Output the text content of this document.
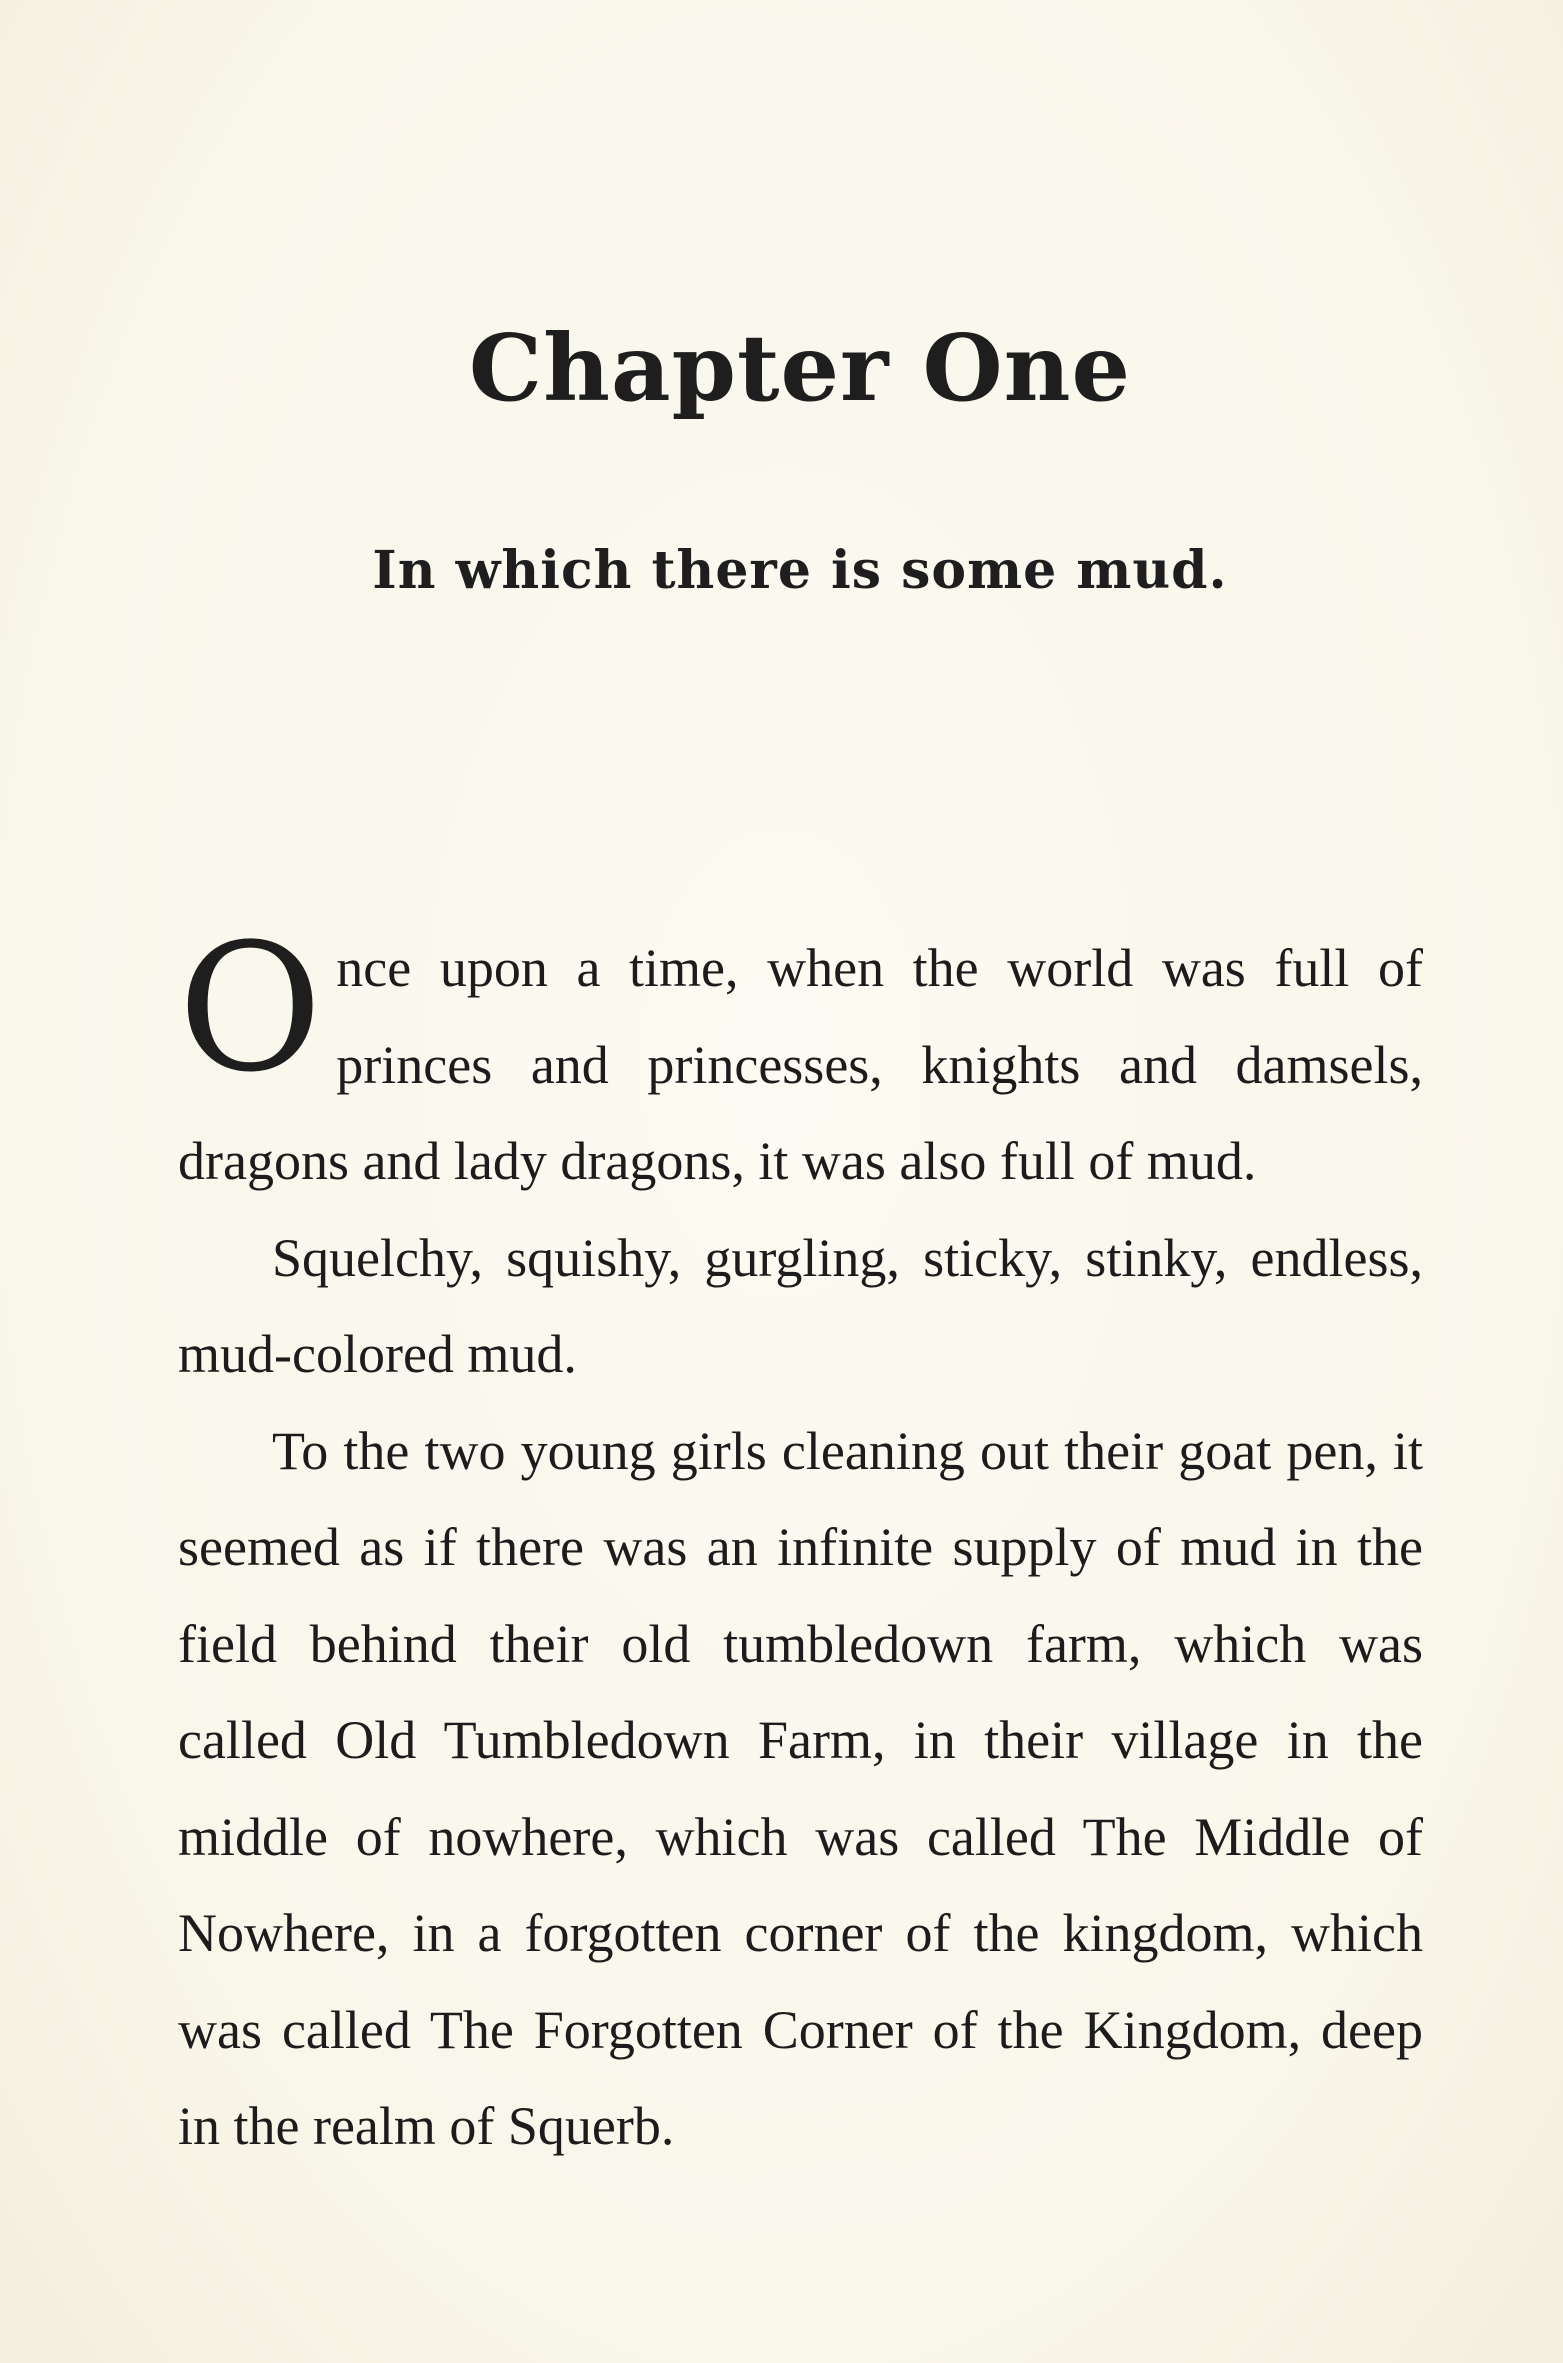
Chapter One
In which there is some mud.

Once upon a time, when the world was full of princes and princesses, knights and damsels, dragons and lady dragons, it was also full of mud.

Squelchy, squishy, gurgling, sticky, stinky, endless, mud-colored mud.

To the two young girls cleaning out their goat pen, it seemed as if there was an infinite supply of mud in the field behind their old tumbledown farm, which was called Old Tumbledown Farm, in their village in the middle of nowhere, which was called The Middle of Nowhere, in a forgotten corner of the kingdom, which was called The Forgotten Corner of the Kingdom, deep in the realm of Squerb.
